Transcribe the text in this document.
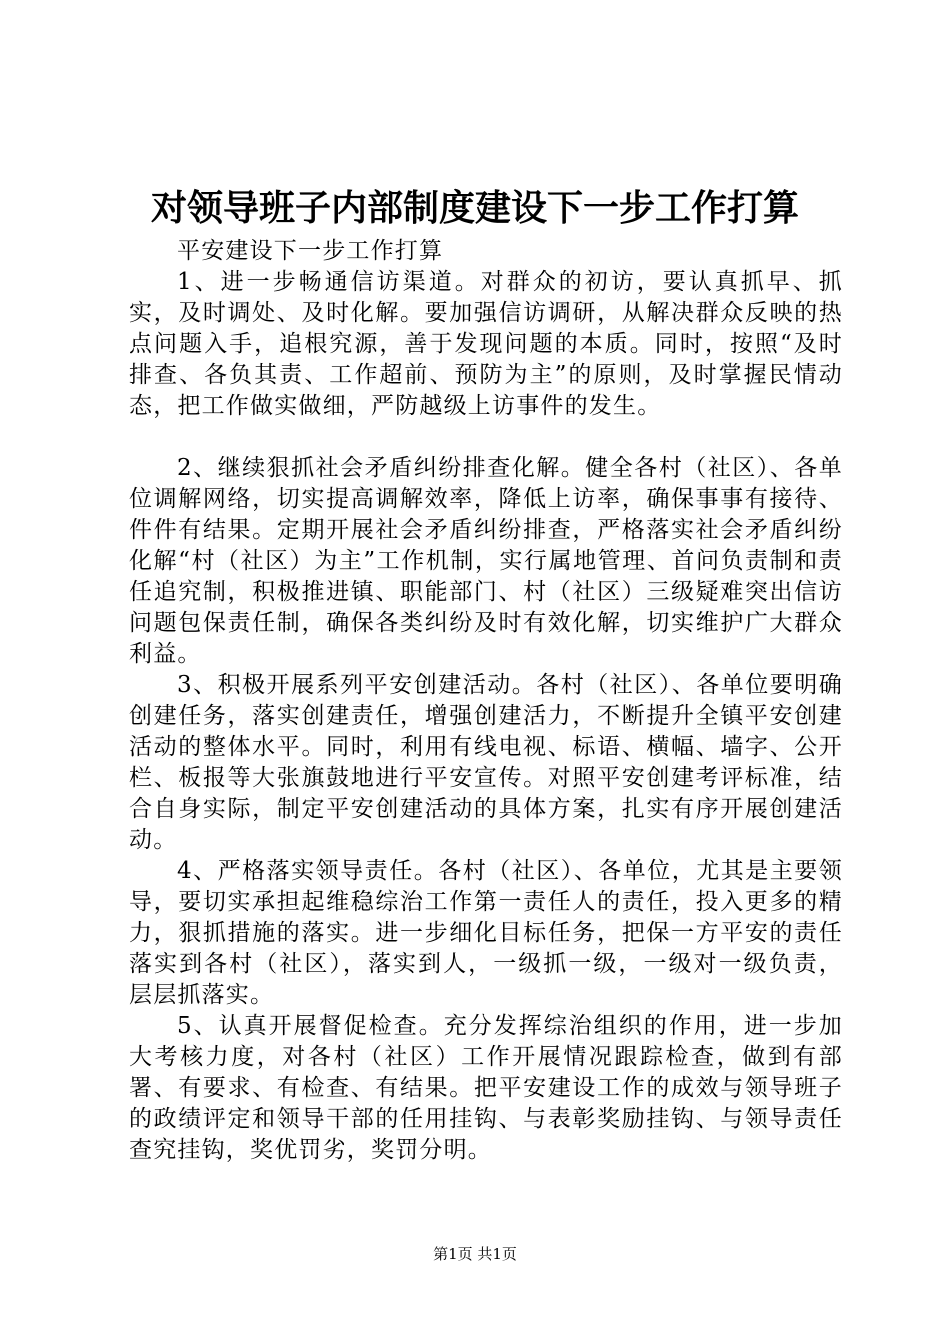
对领导班子内部制度建设下一步工作打算

平安建设下一步工作打算

1、进一步畅通信访渠道。对群众的初访，要认真抓早、抓实，及时调处、及时化解。要加强信访调研，从解决群众反映的热点问题入手，追根究源，善于发现问题的本质。同时，按照“及时排查、各负其责、工作超前、预防为主”的原则，及时掌握民情动态，把工作做实做细，严防越级上访事件的发生。

2、继续狠抓社会矛盾纠纷排查化解。健全各村（社区）、各单位调解网络，切实提高调解效率，降低上访率，确保事事有接待、件件有结果。定期开展社会矛盾纠纷排查，严格落实社会矛盾纠纷化解“村（社区）为主”工作机制，实行属地管理、首问负责制和责任追究制，积极推进镇、职能部门、村（社区）三级疑难突出信访问题包保责任制，确保各类纠纷及时有效化解，切实维护广大群众利益。

3、积极开展系列平安创建活动。各村（社区）、各单位要明确创建任务，落实创建责任，增强创建活力，不断提升全镇平安创建活动的整体水平。同时，利用有线电视、标语、横幅、墙字、公开栏、板报等大张旗鼓地进行平安宣传。对照平安创建考评标准，结合自身实际，制定平安创建活动的具体方案，扎实有序开展创建活动。

4、严格落实领导责任。各村（社区）、各单位，尤其是主要领导，要切实承担起维稳综治工作第一责任人的责任，投入更多的精力，狠抓措施的落实。进一步细化目标任务，把保一方平安的责任落实到各村（社区），落实到人，一级抓一级，一级对一级负责，层层抓落实。

5、认真开展督促检查。充分发挥综治组织的作用，进一步加大考核力度，对各村（社区）工作开展情况跟踪检查，做到有部署、有要求、有检查、有结果。把平安建设工作的成效与领导班子的政绩评定和领导干部的任用挂钩、与表彰奖励挂钩、与领导责任查究挂钩，奖优罚劣，奖罚分明。

第1页 共1页
